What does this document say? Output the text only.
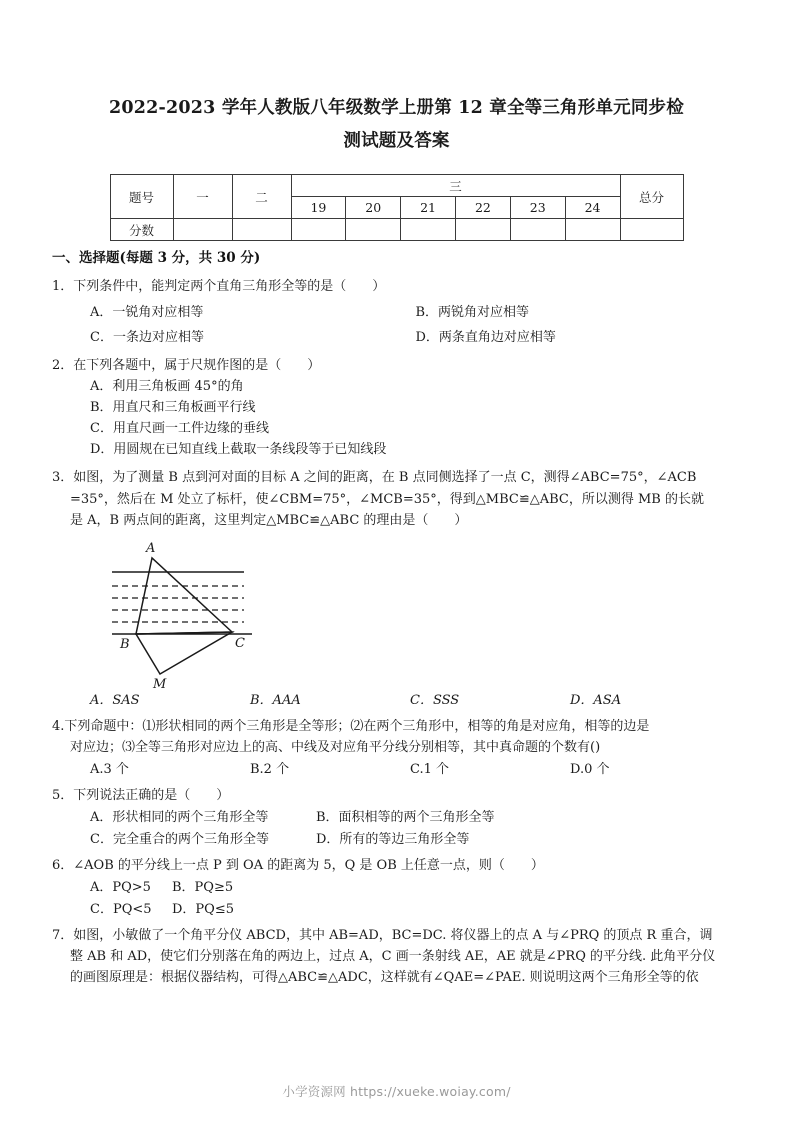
2022-2023 学年人教版八年级数学上册第 12 章全等三角形单元同步检
测试题及答案
题号	一	二	三						总分
			19	20	21	22	23	24	
分数									
一、选择题(每题 3 分，共 30 分)
1．下列条件中，能判定两个直角三角形全等的是（　　）
A．一锐角对应相等	B．两锐角对应相等
C．一条边对应相等	D．两条直角边对应相等
2．在下列各题中，属于尺规作图的是（　　）
A．利用三角板画 45°的角
B．用直尺和三角板画平行线
C．用直尺画一工件边缘的垂线
D．用圆规在已知直线上截取一条线段等于已知线段
3．如图，为了测量 B 点到河对面的目标 A 之间的距离，在 B 点同侧选择了一点 C，测得∠ABC=75°，∠ACB
=35°，然后在 M 处立了标杆，使∠CBM=75°，∠MCB=35°，得到△MBC≌△ABC，所以测得 MB 的长就
是 A，B 两点间的距离，这里判定△MBC≌△ABC 的理由是（　　）
A
B	C
M
A．SAS	B．AAA	C．SSS	D．ASA
4.下列命题中：⑴形状相同的两个三角形是全等形；⑵在两个三角形中，相等的角是对应角，相等的边是
对应边；⑶全等三角形对应边上的高、中线及对应角平分线分别相等，其中真命题的个数有()
A.3 个	B.2 个	C.1 个	D.0 个
5．下列说法正确的是（　　）
A．形状相同的两个三角形全等	B．面积相等的两个三角形全等
C．完全重合的两个三角形全等	D．所有的等边三角形全等
6．∠AOB 的平分线上一点 P 到 OA 的距离为 5，Q 是 OB 上任意一点，则（　　）
A．PQ>5	B．PQ≥5
C．PQ<5	D．PQ≤5
7．如图，小敏做了一个角平分仪 ABCD，其中 AB=AD，BC=DC. 将仪器上的点 A 与∠PRQ 的顶点 R 重合，调
整 AB 和 AD，使它们分别落在角的两边上，过点 A，C 画一条射线 AE，AE 就是∠PRQ 的平分线. 此角平分仪
的画图原理是：根据仪器结构，可得△ABC≌△ADC，这样就有∠QAE=∠PAE. 则说明这两个三角形全等的依
小学资源网 https://xueke.woiay.com/
